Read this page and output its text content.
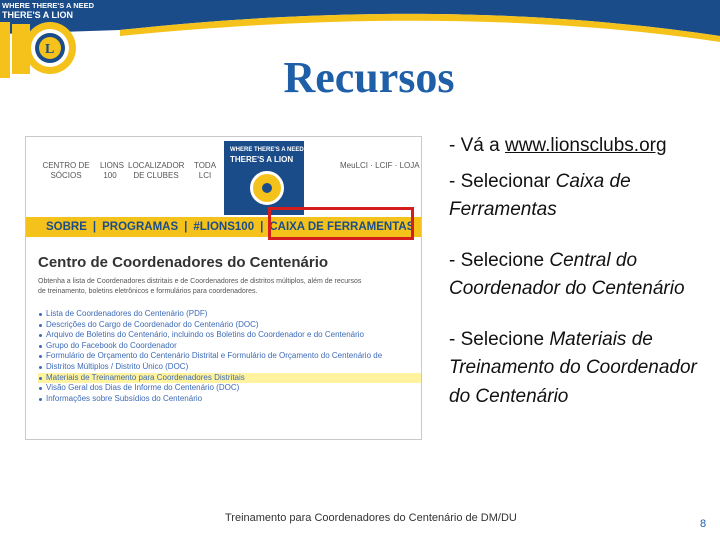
L
WHERE THERE'S A NEED
THERE'S A LION
Recursos
CENTRO DE SÓCIOSLIONS 100LOCALIZADOR DE CLUBESTODA LCI
WHERE THERE'S A NEED
THERE'S A LION
MeuLCI · LCIF · LOJA
SOBRE | PROGRAMAS | #LIONS100 | CAIXA DE FERRAMENTAS
Centro de Coordenadores do Centenário
Obtenha a lista de Coordenadores distritais e de Coordenadores de distritos múltiplos, além de recursos
de treinamento, boletins eletrônicos e formulários para coordenadores.
Lista de Coordenadores do Centenário (PDF)
Descrições do Cargo de Coordenador do Centenário (DOC)
Arquivo de Boletins do Centenário, incluindo os Boletins do Coordenador e do Centenário
Grupo do Facebook do Coordenador
Formulário de Orçamento do Centenário Distrital e Formulário de Orçamento do Centenário de
Distritos Múltiplos / Distrito Único (DOC)
Materiais de Treinamento para Coordenadores Distritais
Visão Geral dos Dias de Informe do Centenário (DOC)
Informações sobre Subsídios do Centenário
- Vá a www.lionsclubs.org
- Selecionar Caixa de Ferramentas
- Selecione Central do Coordenador do Centenário
- Selecione Materiais de Treinamento do Coordenador do Centenário
Treinamento para Coordenadores do Centenário de DM/DU	8
